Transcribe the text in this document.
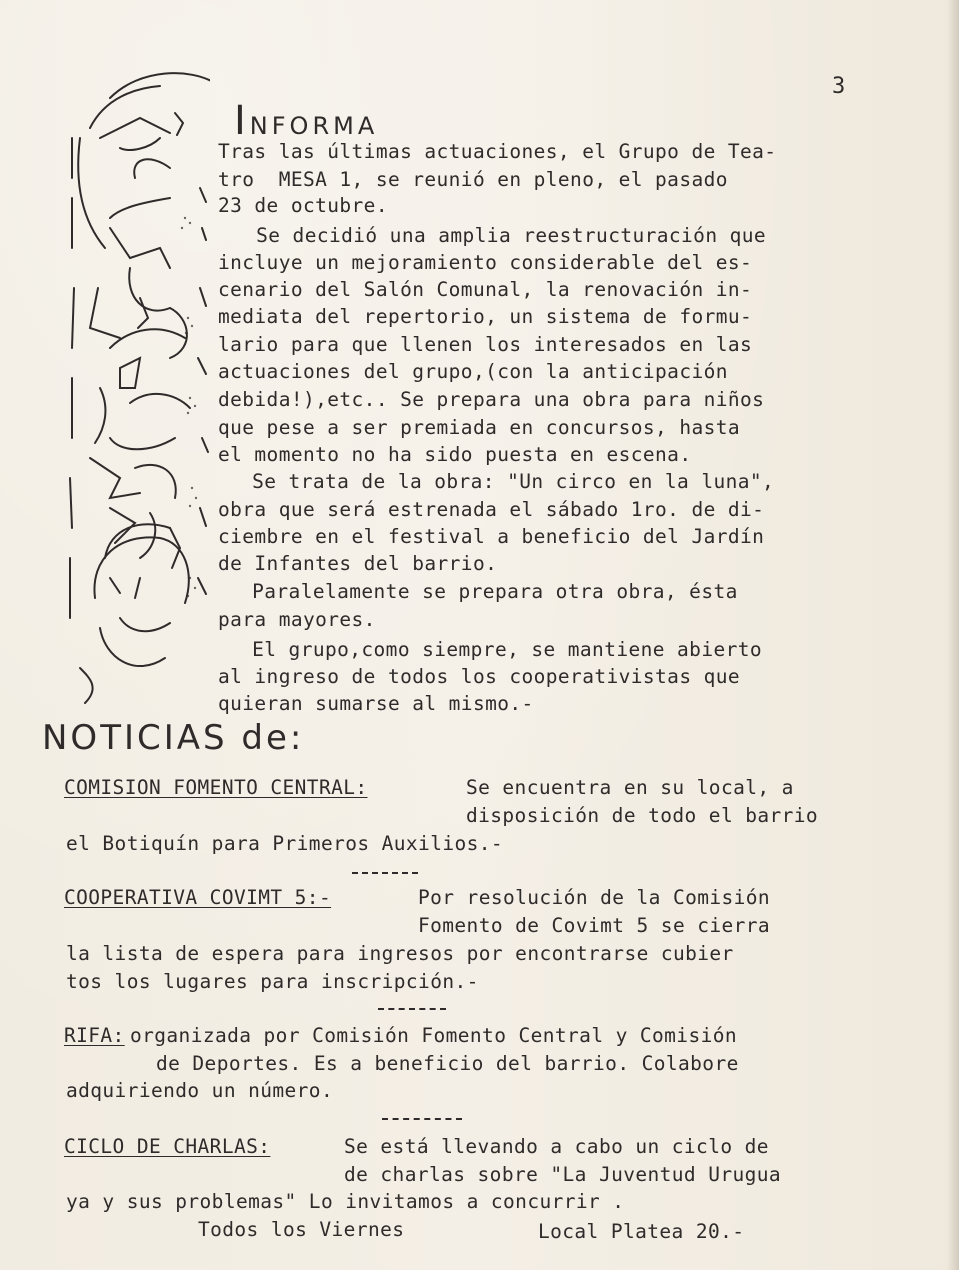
3
INFORMA
Tras las últimas actuaciones, el Grupo de Tea-
tro  MESA 1, se reunió en pleno, el pasado
23 de octubre.
Se decidió una amplia reestructuración que
incluye un mejoramiento considerable del es-
cenario del Salón Comunal, la renovación in-
mediata del repertorio, un sistema de formu-
lario para que llenen los interesados en las
actuaciones del grupo,(con la anticipación
debida!),etc.. Se prepara una obra para niños
que pese a ser premiada en concursos, hasta
el momento no ha sido puesta en escena.
Se trata de la obra: "Un circo en la luna",
obra que será estrenada el sábado 1ro. de di-
ciembre en el festival a beneficio del Jardín
de Infantes del barrio.
Paralelamente se prepara otra obra, ésta
para mayores.
El grupo,como siempre, se mantiene abierto
al ingreso de todos los cooperativistas que
quieran sumarse al mismo.-
NOTICIAS de:
COMISION FOMENTO CENTRAL:	Se encuentra en su local, a
disposición de todo el barrio
el Botiquín para Primeros Auxilios.-
COOPERATIVA COVIMT 5:-	Por resolución de la Comisión
Fomento de Covimt 5 se cierra
la lista de espera para ingresos por encontrarse cubier
tos los lugares para inscripción.-
RIFA: organizada por Comisión Fomento Central y Comisión
de Deportes. Es a beneficio del barrio. Colabore
adquiriendo un número.
CICLO DE CHARLAS:	Se está llevando a cabo un ciclo de
de charlas sobre "La Juventud Urugua
ya y sus problemas" Lo invitamos a concurrir .
Todos los Viernes	Local Platea 20.-
